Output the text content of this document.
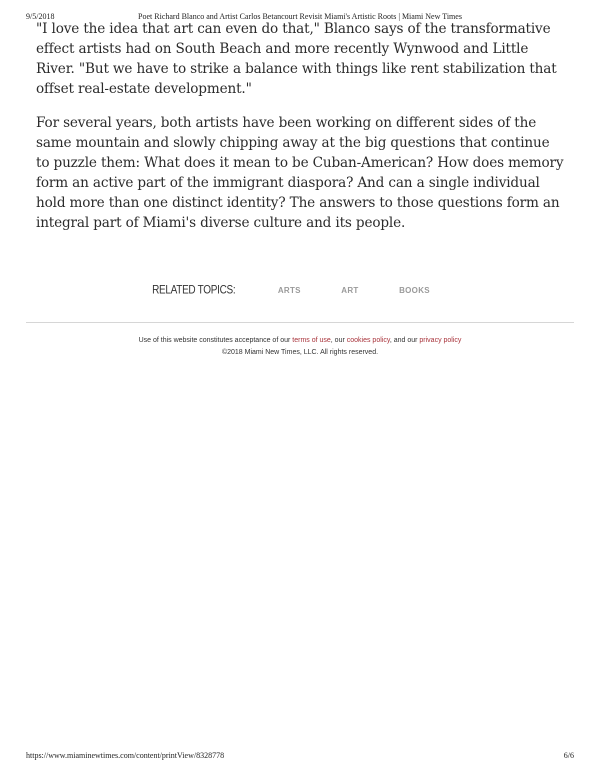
9/5/2018	Poet Richard Blanco and Artist Carlos Betancourt Revisit Miami's Artistic Roots | Miami New Times

"I love the idea that art can even do that," Blanco says of the transformative effect artists had on South Beach and more recently Wynwood and Little River. "But we have to strike a balance with things like rent stabilization that offset real-estate development."

For several years, both artists have been working on different sides of the same mountain and slowly chipping away at the big questions that continue to puzzle them: What does it mean to be Cuban-American? How does memory form an active part of the immigrant diaspora? And can a single individual hold more than one distinct identity? The answers to those questions form an integral part of Miami's diverse culture and its people.

RELATED TOPICS:	ARTS	ART	BOOKS
Use of this website constitutes acceptance of our terms of use, our cookies policy, and our privacy policy
©2018 Miami New Times, LLC. All rights reserved.
https://www.miaminewtimes.com/content/printView/8328778	6/6
